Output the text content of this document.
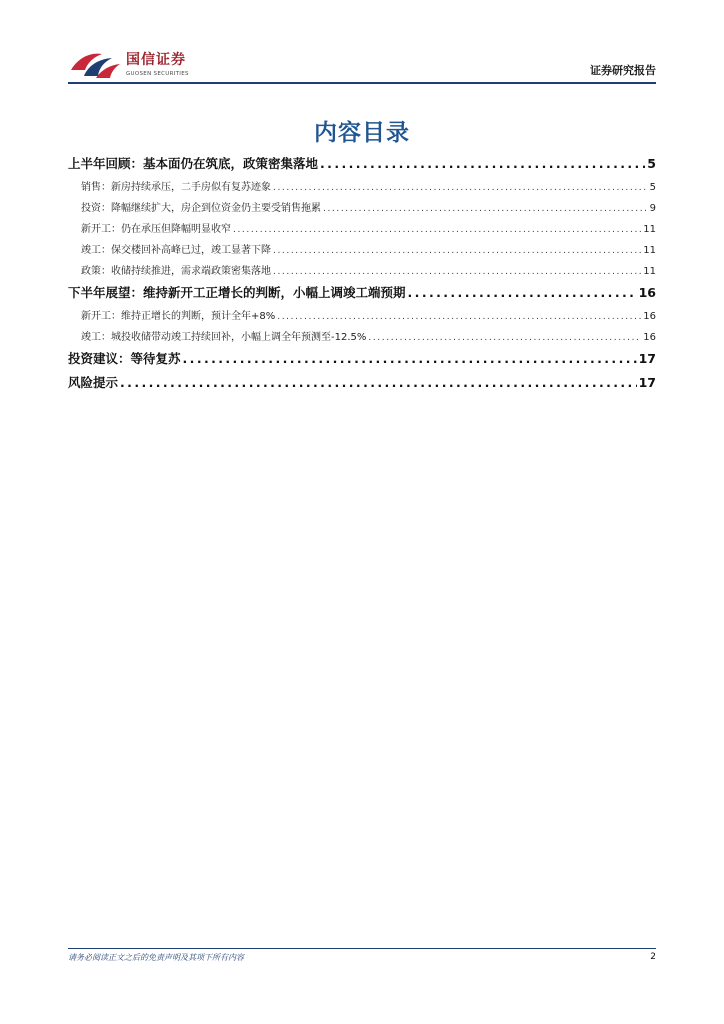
国信证券
GUOSEN SECURITIES	证券研究报告
内容目录
上半年回顾：基本面仍在筑底，政策密集落地 .....	5
销售：新房持续承压，二手房似有复苏迹象 .....	5
投资：降幅继续扩大，房企到位资金仍主要受销售拖累 .....	9
新开工：仍在承压但降幅明显收窄 .....	11
竣工：保交楼回补高峰已过，竣工显著下降 .....	11
政策：收储持续推进，需求端政策密集落地 .....	11
下半年展望：维持新开工正增长的判断，小幅上调竣工端预期 .....	16
新开工：维持正增长的判断，预计全年+8% .....	16
竣工：城投收储带动竣工持续回补，小幅上调全年预测至-12.5% .....	16
投资建议：等待复苏 .....	17
风险提示 .....	17
请务必阅读正文之后的免责声明及其项下所有内容	2
